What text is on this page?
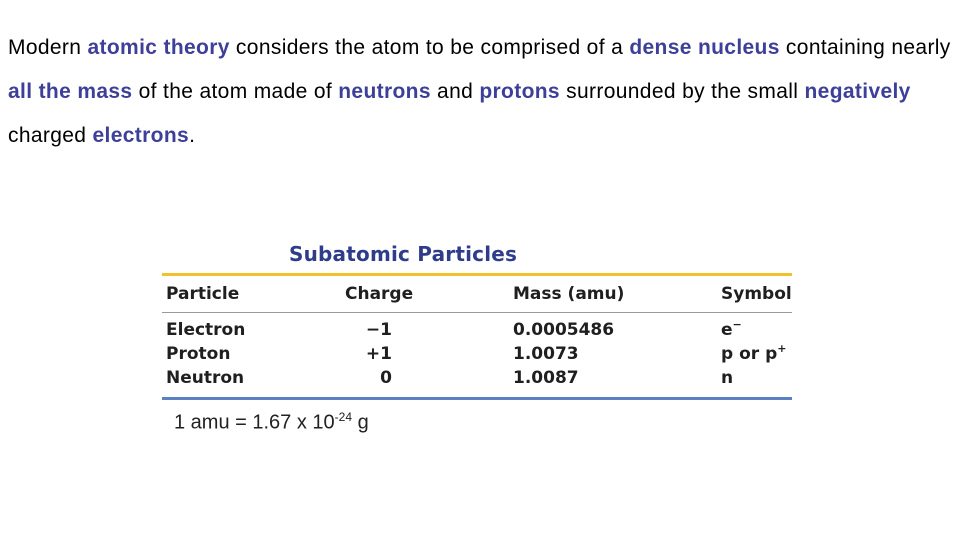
Modern atomic theory considers the atom to be comprised of a dense nucleus containing nearly all the mass of the atom made of neutrons and protons surrounded by the small negatively charged electrons.
Subatomic Particles
Particle	Charge	Mass (amu)	Symbol
Electron	−1	0.0005486	e−
Proton	+1	1.0073	p or p+
Neutron	0	1.0087	n
1 amu = 1.67 x $10^{-24}$ g
